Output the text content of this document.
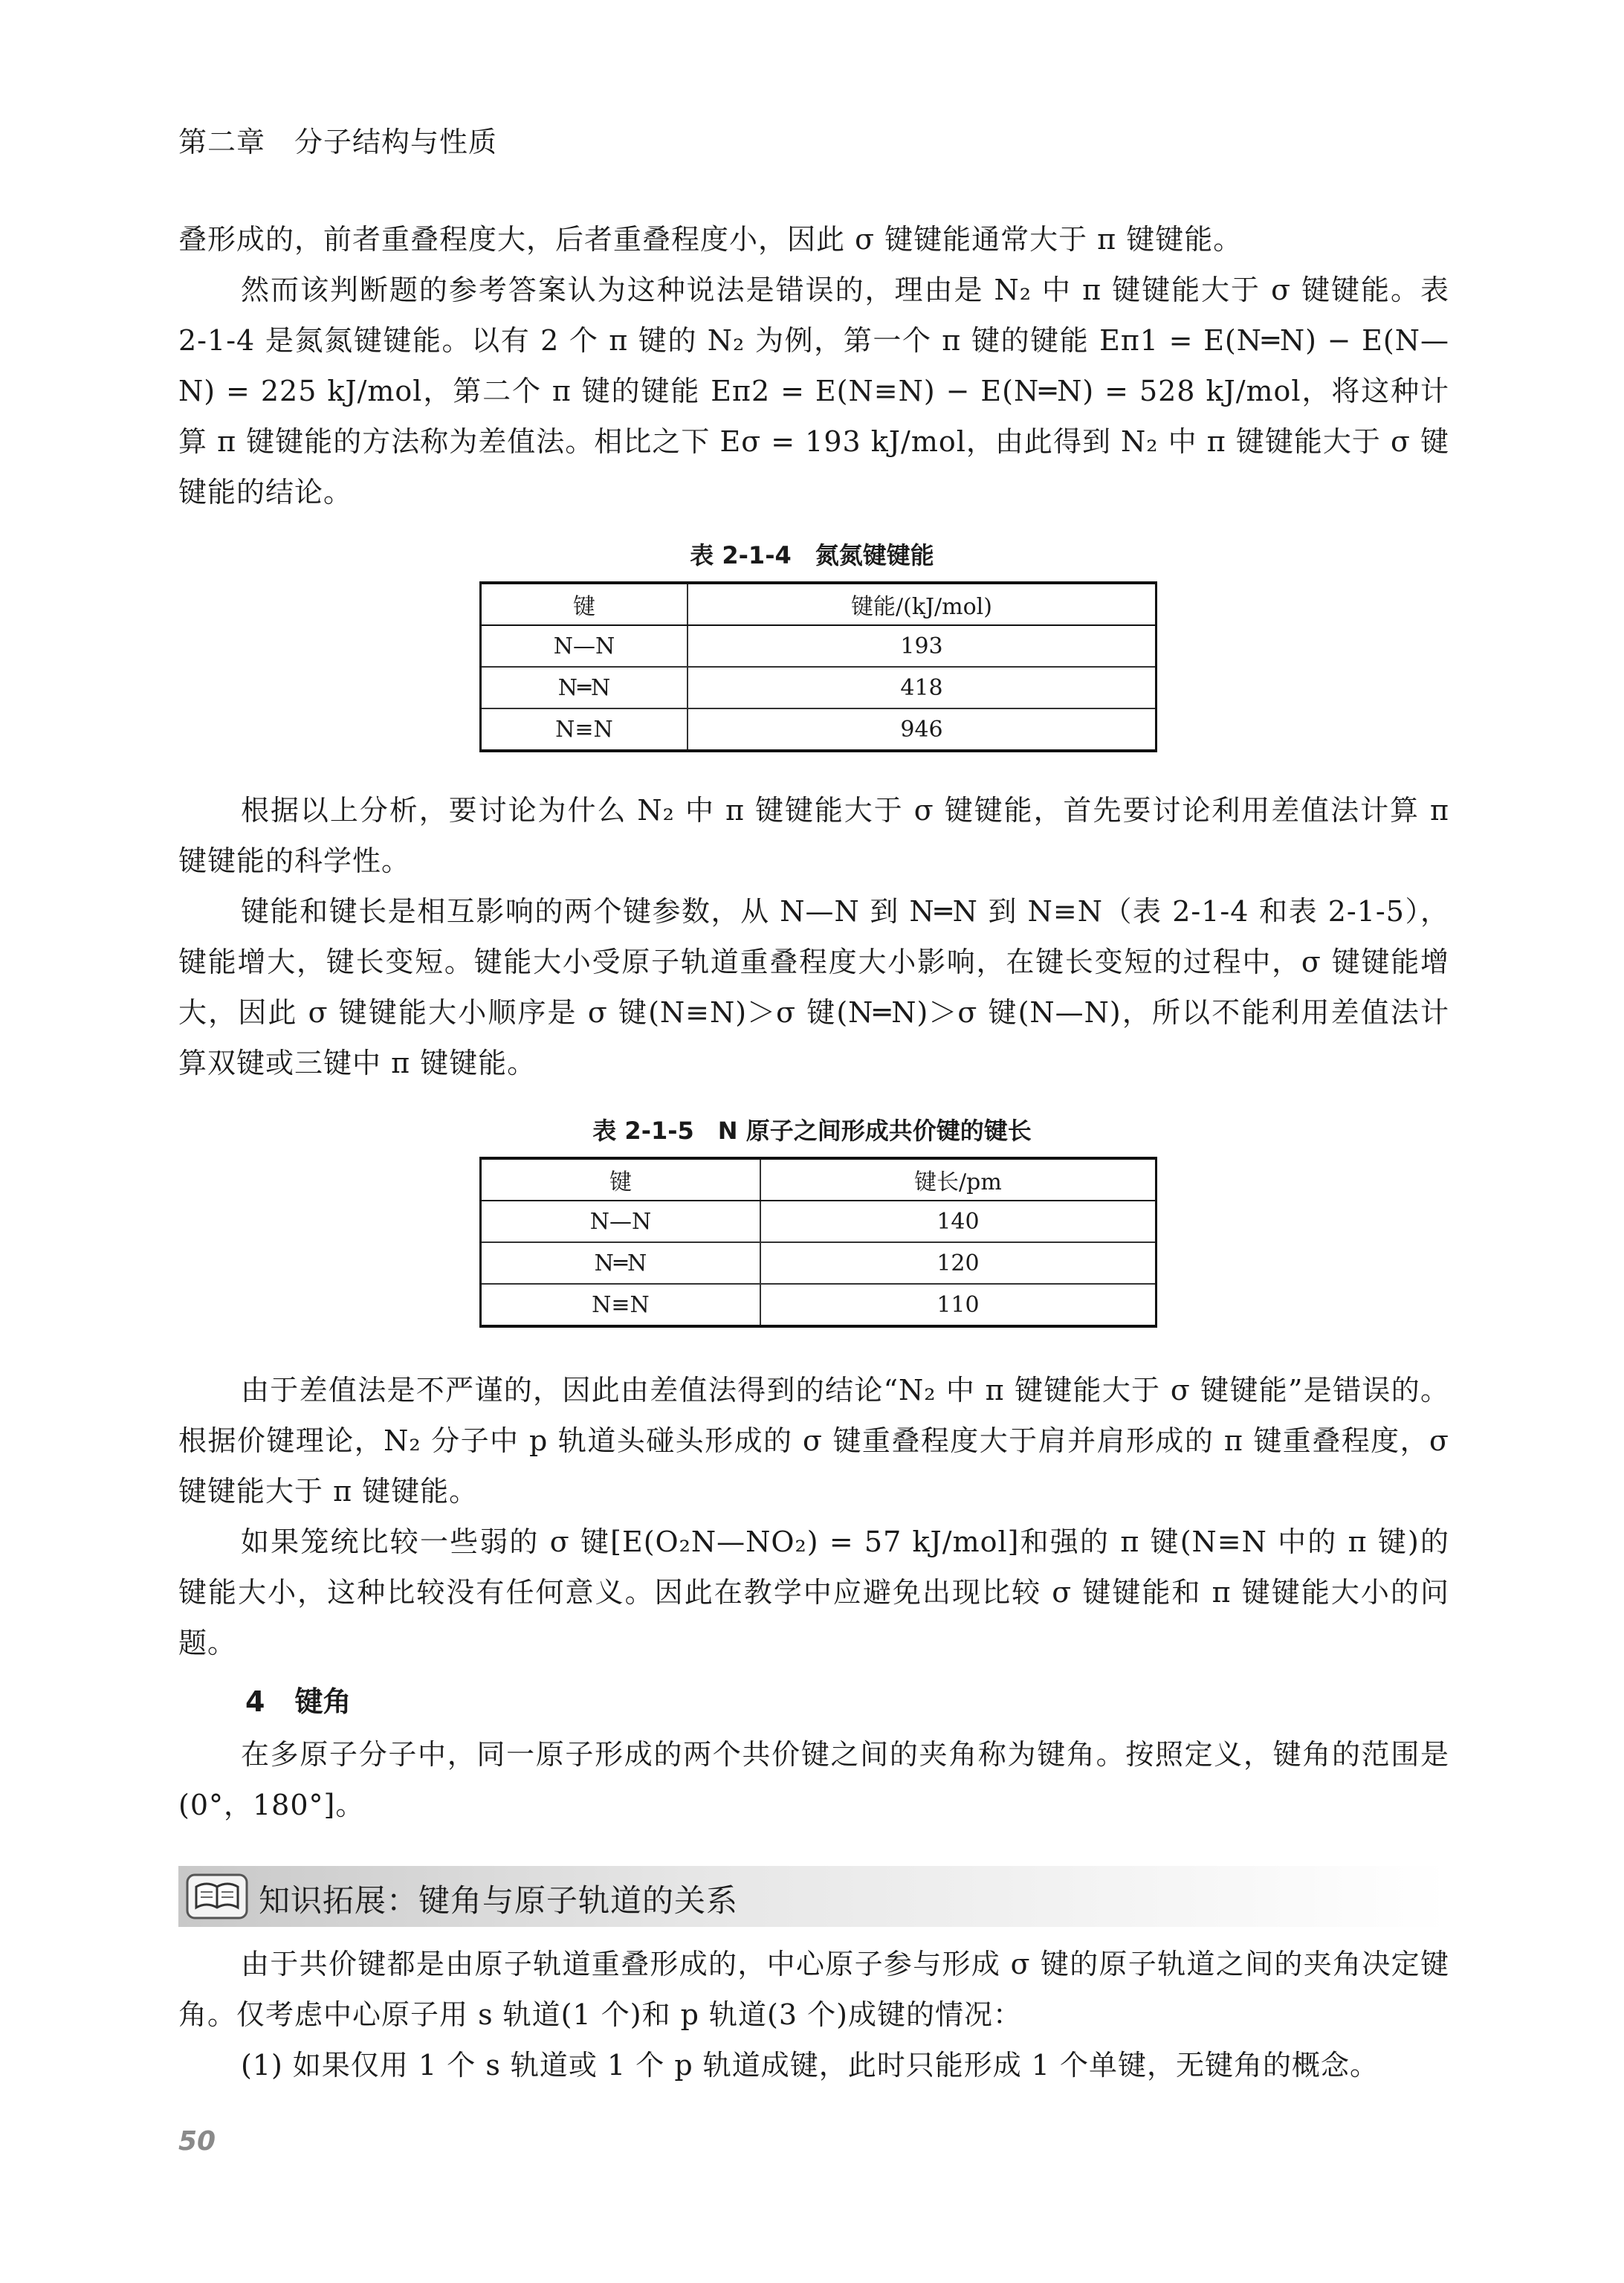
第二章　分子结构与性质

叠形成的，前者重叠程度大，后者重叠程度小，因此 σ 键键能通常大于 π 键键能。

然而该判断题的参考答案认为这种说法是错误的，理由是 N₂ 中 π 键键能大于 σ 键键能。表 2-1-4 是氮氮键键能。以有 2 个 π 键的 N₂ 为例，第一个 π 键的键能 Eπ1 = E(N═N) − E(N—N) = 225 kJ/mol，第二个 π 键的键能 Eπ2 = E(N≡N) − E(N═N) = 528 kJ/mol，将这种计算 π 键键能的方法称为差值法。相比之下 Eσ = 193 kJ/mol，由此得到 N₂ 中 π 键键能大于 σ 键键能的结论。

表 2-1-4　氮氮键键能
键	键能/(kJ/mol)
N—N	193
N═N	418
N≡N	946

根据以上分析，要讨论为什么 N₂ 中 π 键键能大于 σ 键键能，首先要讨论利用差值法计算 π 键键能的科学性。

键能和键长是相互影响的两个键参数，从 N—N 到 N═N 到 N≡N（表 2-1-4 和表 2-1-5），键能增大，键长变短。键能大小受原子轨道重叠程度大小影响，在键长变短的过程中，σ 键键能增大，因此 σ 键键能大小顺序是 σ 键(N≡N)＞σ 键(N═N)＞σ 键(N—N)，所以不能利用差值法计算双键或三键中 π 键键能。

表 2-1-5　N 原子之间形成共价键的键长
键	键长/pm
N—N	140
N═N	120
N≡N	110

由于差值法是不严谨的，因此由差值法得到的结论“N₂ 中 π 键键能大于 σ 键键能”是错误的。根据价键理论，N₂ 分子中 p 轨道头碰头形成的 σ 键重叠程度大于肩并肩形成的 π 键重叠程度，σ 键键能大于 π 键键能。

如果笼统比较一些弱的 σ 键[E(O₂N—NO₂) = 57 kJ/mol]和强的 π 键(N≡N 中的 π 键)的键能大小，这种比较没有任何意义。因此在教学中应避免出现比较 σ 键键能和 π 键键能大小的问题。

4 键角

在多原子分子中，同一原子形成的两个共价键之间的夹角称为键角。按照定义，键角的范围是(0°，180°]。

知识拓展：键角与原子轨道的关系

由于共价键都是由原子轨道重叠形成的，中心原子参与形成 σ 键的原子轨道之间的夹角决定键角。仅考虑中心原子用 s 轨道(1 个)和 p 轨道(3 个)成键的情况：

(1) 如果仅用 1 个 s 轨道或 1 个 p 轨道成键，此时只能形成 1 个单键，无键角的概念。

50
